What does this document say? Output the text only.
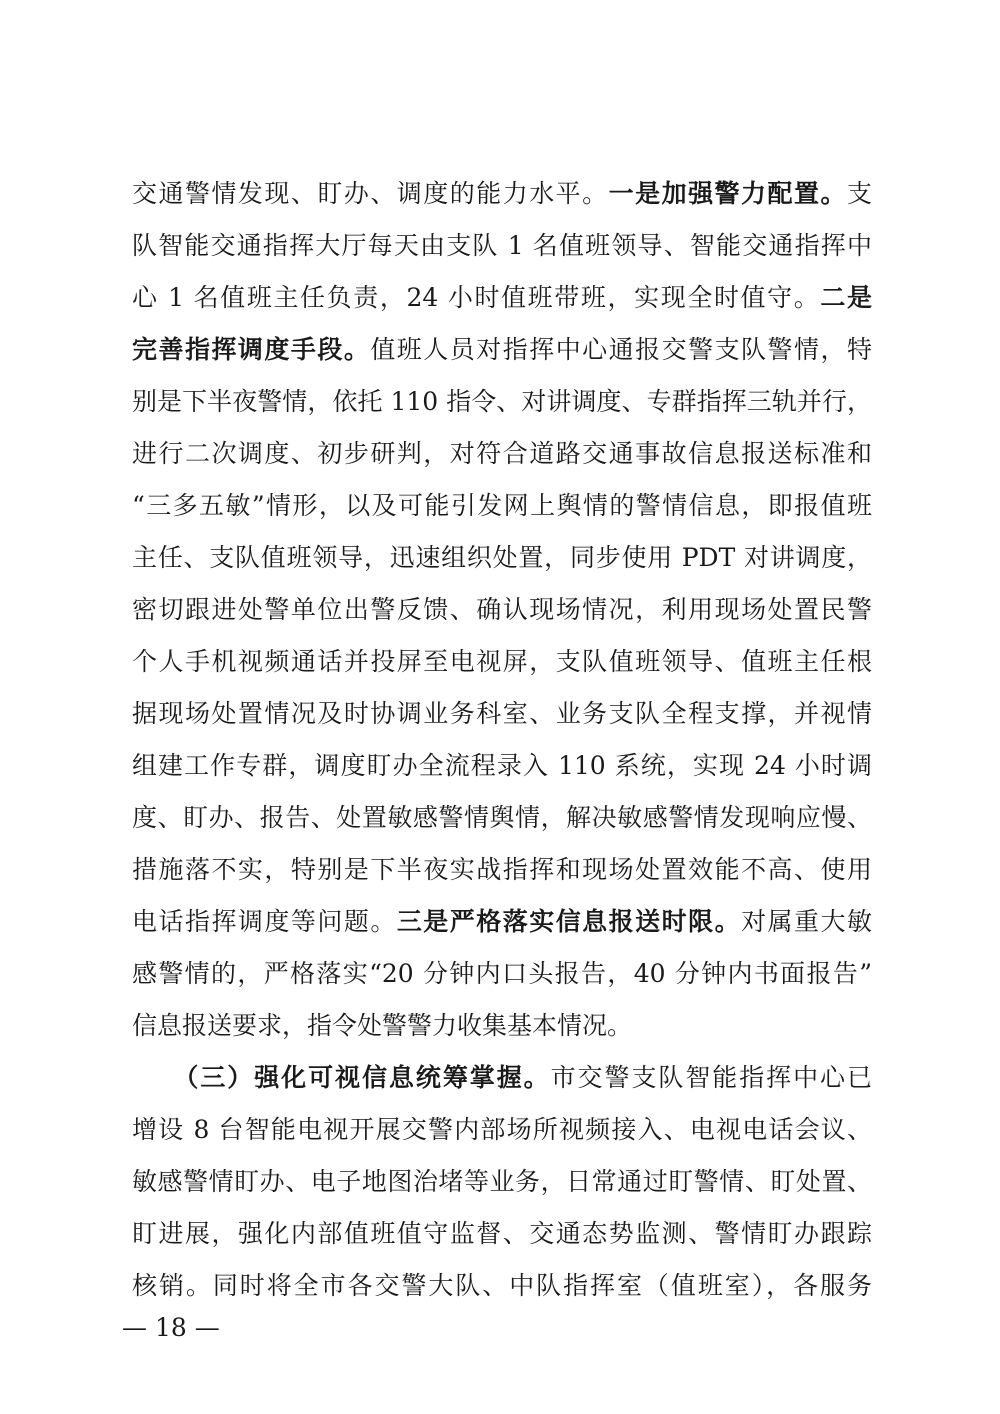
交通警情发现、盯办、调度的能力水平。一是加强警力配置。支
队智能交通指挥大厅每天由支队 1 名值班领导、智能交通指挥中
心 1 名值班主任负责，24 小时值班带班，实现全时值守。二是
完善指挥调度手段。值班人员对指挥中心通报交警支队警情，特
别是下半夜警情，依托 110 指令、对讲调度、专群指挥三轨并行，
进行二次调度、初步研判，对符合道路交通事故信息报送标准和
“三多五敏”情形，以及可能引发网上舆情的警情信息，即报值班
主任、支队值班领导，迅速组织处置，同步使用 PDT 对讲调度，
密切跟进处警单位出警反馈、确认现场情况，利用现场处置民警
个人手机视频通话并投屏至电视屏，支队值班领导、值班主任根
据现场处置情况及时协调业务科室、业务支队全程支撑，并视情
组建工作专群，调度盯办全流程录入 110 系统，实现 24 小时调
度、盯办、报告、处置敏感警情舆情，解决敏感警情发现响应慢、
措施落不实，特别是下半夜实战指挥和现场处置效能不高、使用
电话指挥调度等问题。三是严格落实信息报送时限。对属重大敏
感警情的，严格落实“20 分钟内口头报告，40 分钟内书面报告”
信息报送要求，指令处警警力收集基本情况。
　　（三）强化可视信息统筹掌握。市交警支队智能指挥中心已
增设 8 台智能电视开展交警内部场所视频接入、电视电话会议、
敏感警情盯办、电子地图治堵等业务，日常通过盯警情、盯处置、
盯进展，强化内部值班值守监督、交通态势监测、警情盯办跟踪
核销。同时将全市各交警大队、中队指挥室（值班室），各服务
— 18 —
